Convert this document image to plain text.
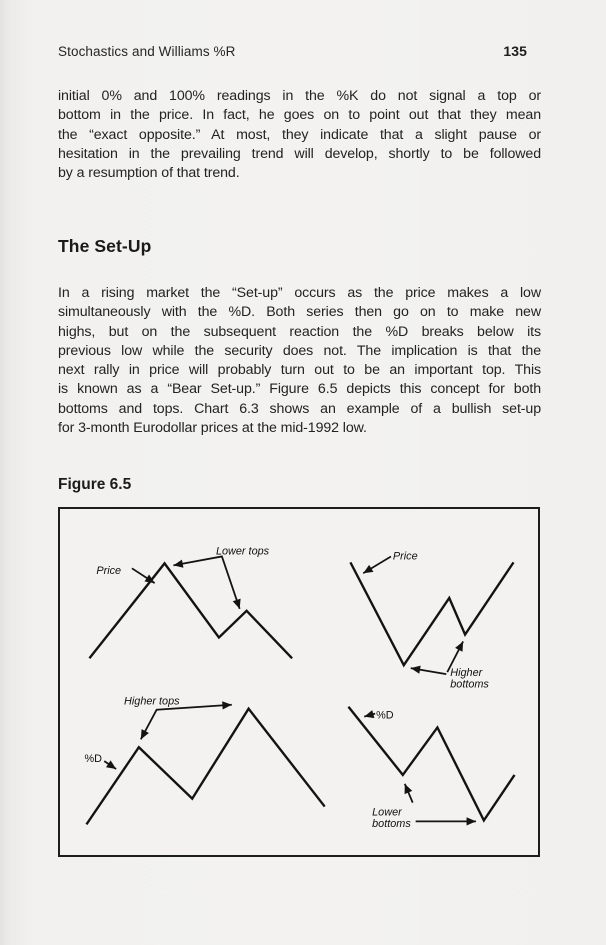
Stochastics and Williams %R	135
initial 0% and 100% readings in the %K do not signal a top or
bottom in the price. In fact, he goes on to point out that they mean
the “exact opposite.” At most, they indicate that a slight pause or
hesitation in the prevailing trend will develop, shortly to be followed
by a resumption of that trend.
The Set-Up
In a rising market the “Set-up” occurs as the price makes a low
simultaneously with the %D. Both series then go on to make new
highs, but on the subsequent reaction the %D breaks below its
previous low while the security does not. The implication is that the
next rally in price will probably turn out to be an important top. This
is known as a “Bear Set-up.” Figure 6.5 depicts this concept for both
bottoms and tops. Chart 6.3 shows an example of a bullish set-up
for 3-month Eurodollar prices at the mid-1992 low.
Figure 6.5
Price
Lower tops	Price
Higher bottoms
Higher tops
%D
%D
Lower bottoms
